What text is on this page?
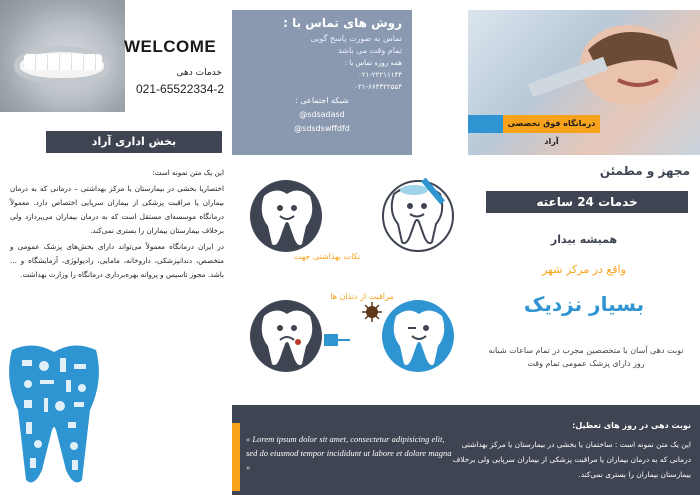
WELCOME
خدمات دهی
021-65522334-2
بخش اداری آراد

این یک متن نمونه است:

اختصاریا بخشی در بیمارستان یا مرکز بهداشتی – درمانی که به درمان بیماران یا مراقبت پزشکی از بیماران سرپایی اختصاص دارد. معمولاً درمانگاه موسسه‌ای مستقل است که به درمان بیماران می‌پردازد ولی برخلاف بیمارستان بیماران را بستری نمی‌کند.

در ایران درمانگاه معمولاً می‌تواند دارای بخش‌های پزشک عمومی و متخصص، دندانپزشکی، داروخانه، مامایی، رادیولوژی، آزمایشگاه و ... باشد. مجوز تاسیس و پروانه بهره‌برداری درمانگاه را وزارت بهداشت.

روش های تماس با :
تماس به صورت پاسخ گویی
تمام وقت می باشد
همه روزه تماس با :
۰۲۱-۲۲۲۱۱۱۴۴
۰۲۱-۶۶۳۳۲۲۵۵۴
شبکه اجتماعی :
sdsadasd@
sdsdswffdfd@
نکات بهداشتی جهت
مراقبت از دندان ها
درمانگاه فوق تخصصی آراد
مجهز و مطمئن
خدمات 24 ساعته
همیشه بیدار
واقع در مرکز شهر
بسیار نزدیک
نوبت دهی آسان با متخصصین مجرب در تمام ساعات شبانه روز دارای پزشک عمومی تمام وقت
« Lorem ipsum dolor sit amet, consectetur adipisicing elit, sed do eiusmod tempor incididunt ut labore et dolore magna »
نوبت دهی در روز های تعطیل:
این یک متن نمونه است : ساختمان یا بخشی در بیمارستان یا مرکز بهداشتی درمانی که به درمان بیماران یا مراقبت پزشکی از بیماران سرپایی ولی برخلاف بیمارستان بیماران را بستری نمی‌کند.
